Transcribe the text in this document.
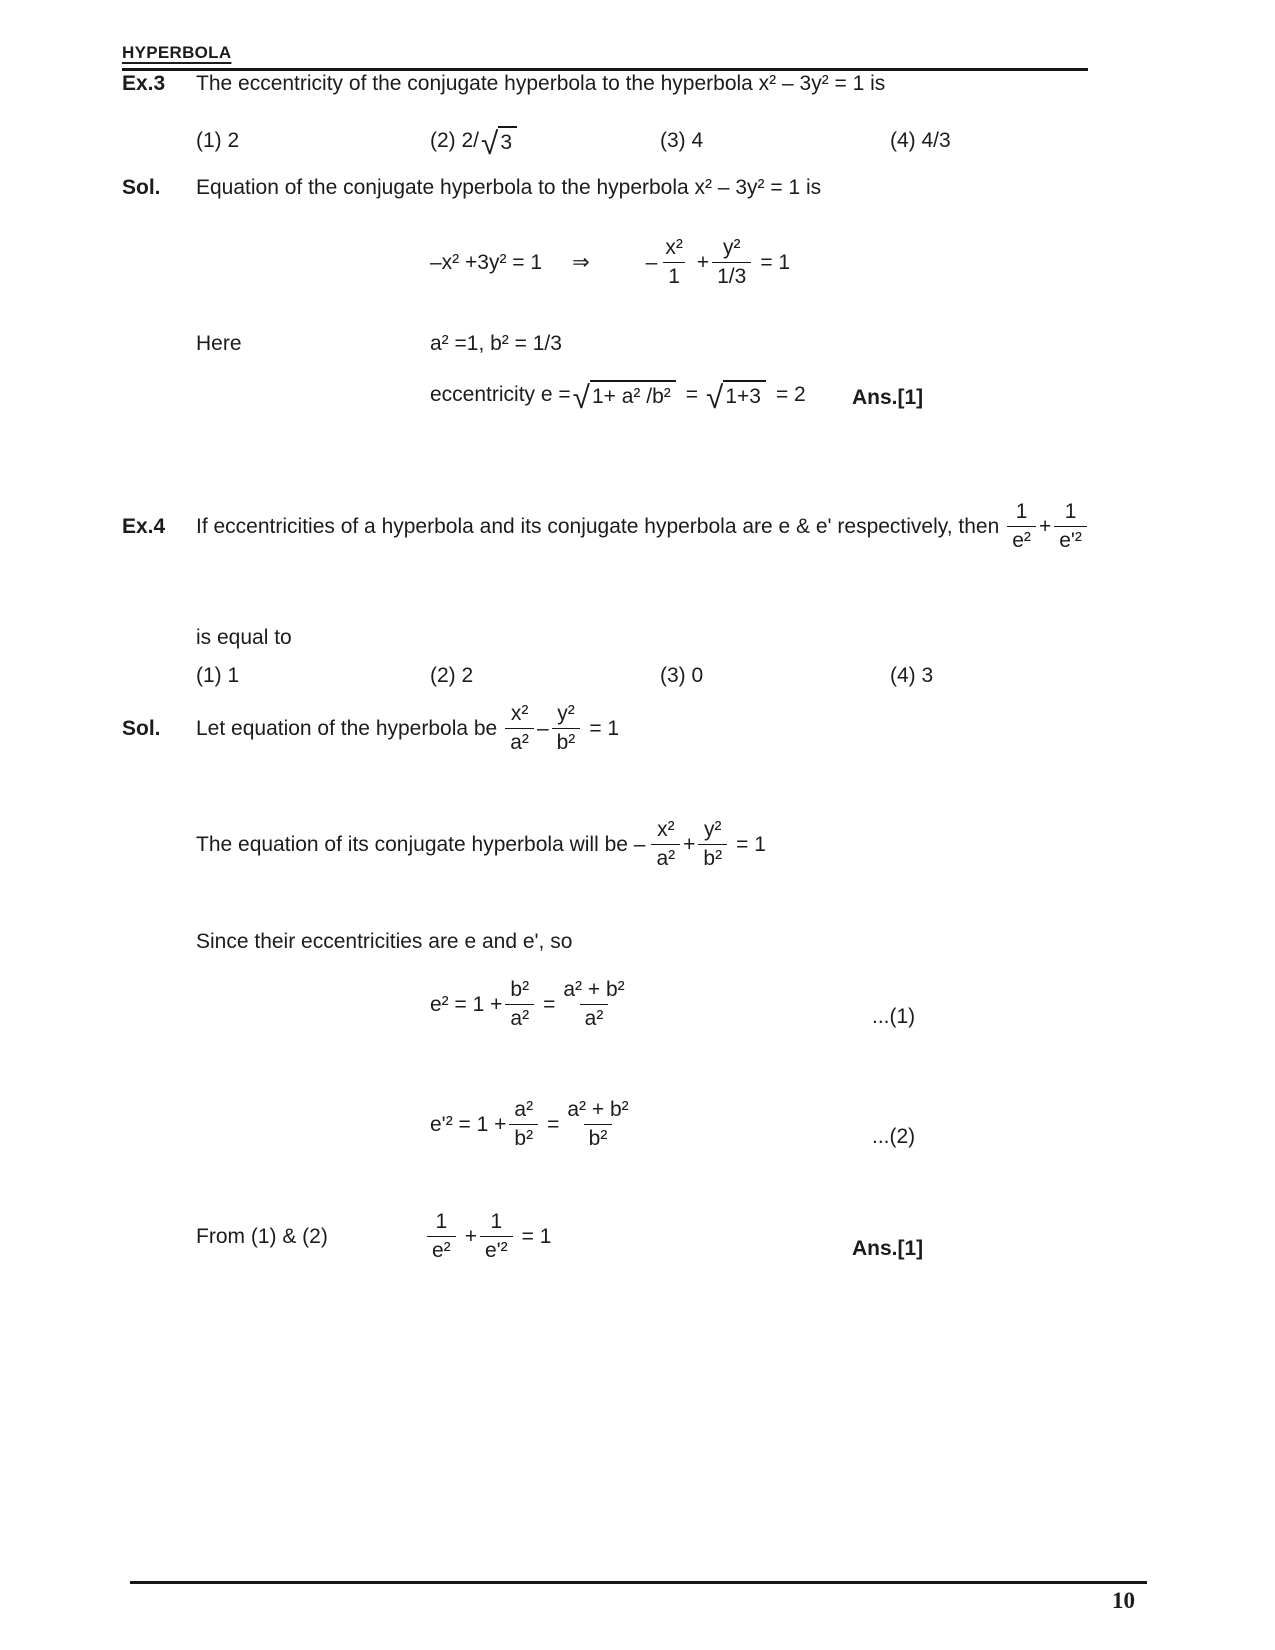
HYPERBOLA
Ex.3	The eccentricity of the conjugate hyperbola to the hyperbola x² – 3y² = 1 is
(1) 2	(2) 2/ √ 3	(3) 4	(4) 4/3
Sol.	Equation of the conjugate hyperbola to the hyperbola x² – 3y² = 1 is
–x² +3y² = 1 ⇒	– $\frac{\text{x²}}{1} + \frac{\text{y²}}{1/3} = 1$
Here	a² =1, b² = 1/3
eccentricity e = √ 1+ a² /b² = √ 1+3 = 2 Ans.[1]
Ex.4	If eccentricities of a hyperbola and its conjugate hyperbola are e & e' respectively, then $\frac{1}{\text{e²}} + \frac{1}{\text{e'²}}$
is equal to
(1) 1	(2) 2	(3) 0	(4) 3
Sol.	Let equation of the hyperbola be $\frac{\text{x²}}{\text{a²}} - \frac{\text{y²}}{\text{b²}} = 1$
The equation of its conjugate hyperbola will be – $\frac{\text{x²}}{\text{a²}} + \frac{\text{y²}}{\text{b²}} = 1$
Since their eccentricities are e and e', so
$e^2 = 1 + \frac{\text{b²}}{\text{a²}} = \frac{\text{a² + b²}}{\text{a²}}$	...(1)
$e'^2 = 1 + \frac{\text{a²}}{\text{b²}} = \frac{\text{a² + b²}}{\text{b²}}$	...(2)
From (1) & (2)	$\frac{1}{\text{e²}} + \frac{1}{\text{e'²}} = 1$
Ans.[1]
10
